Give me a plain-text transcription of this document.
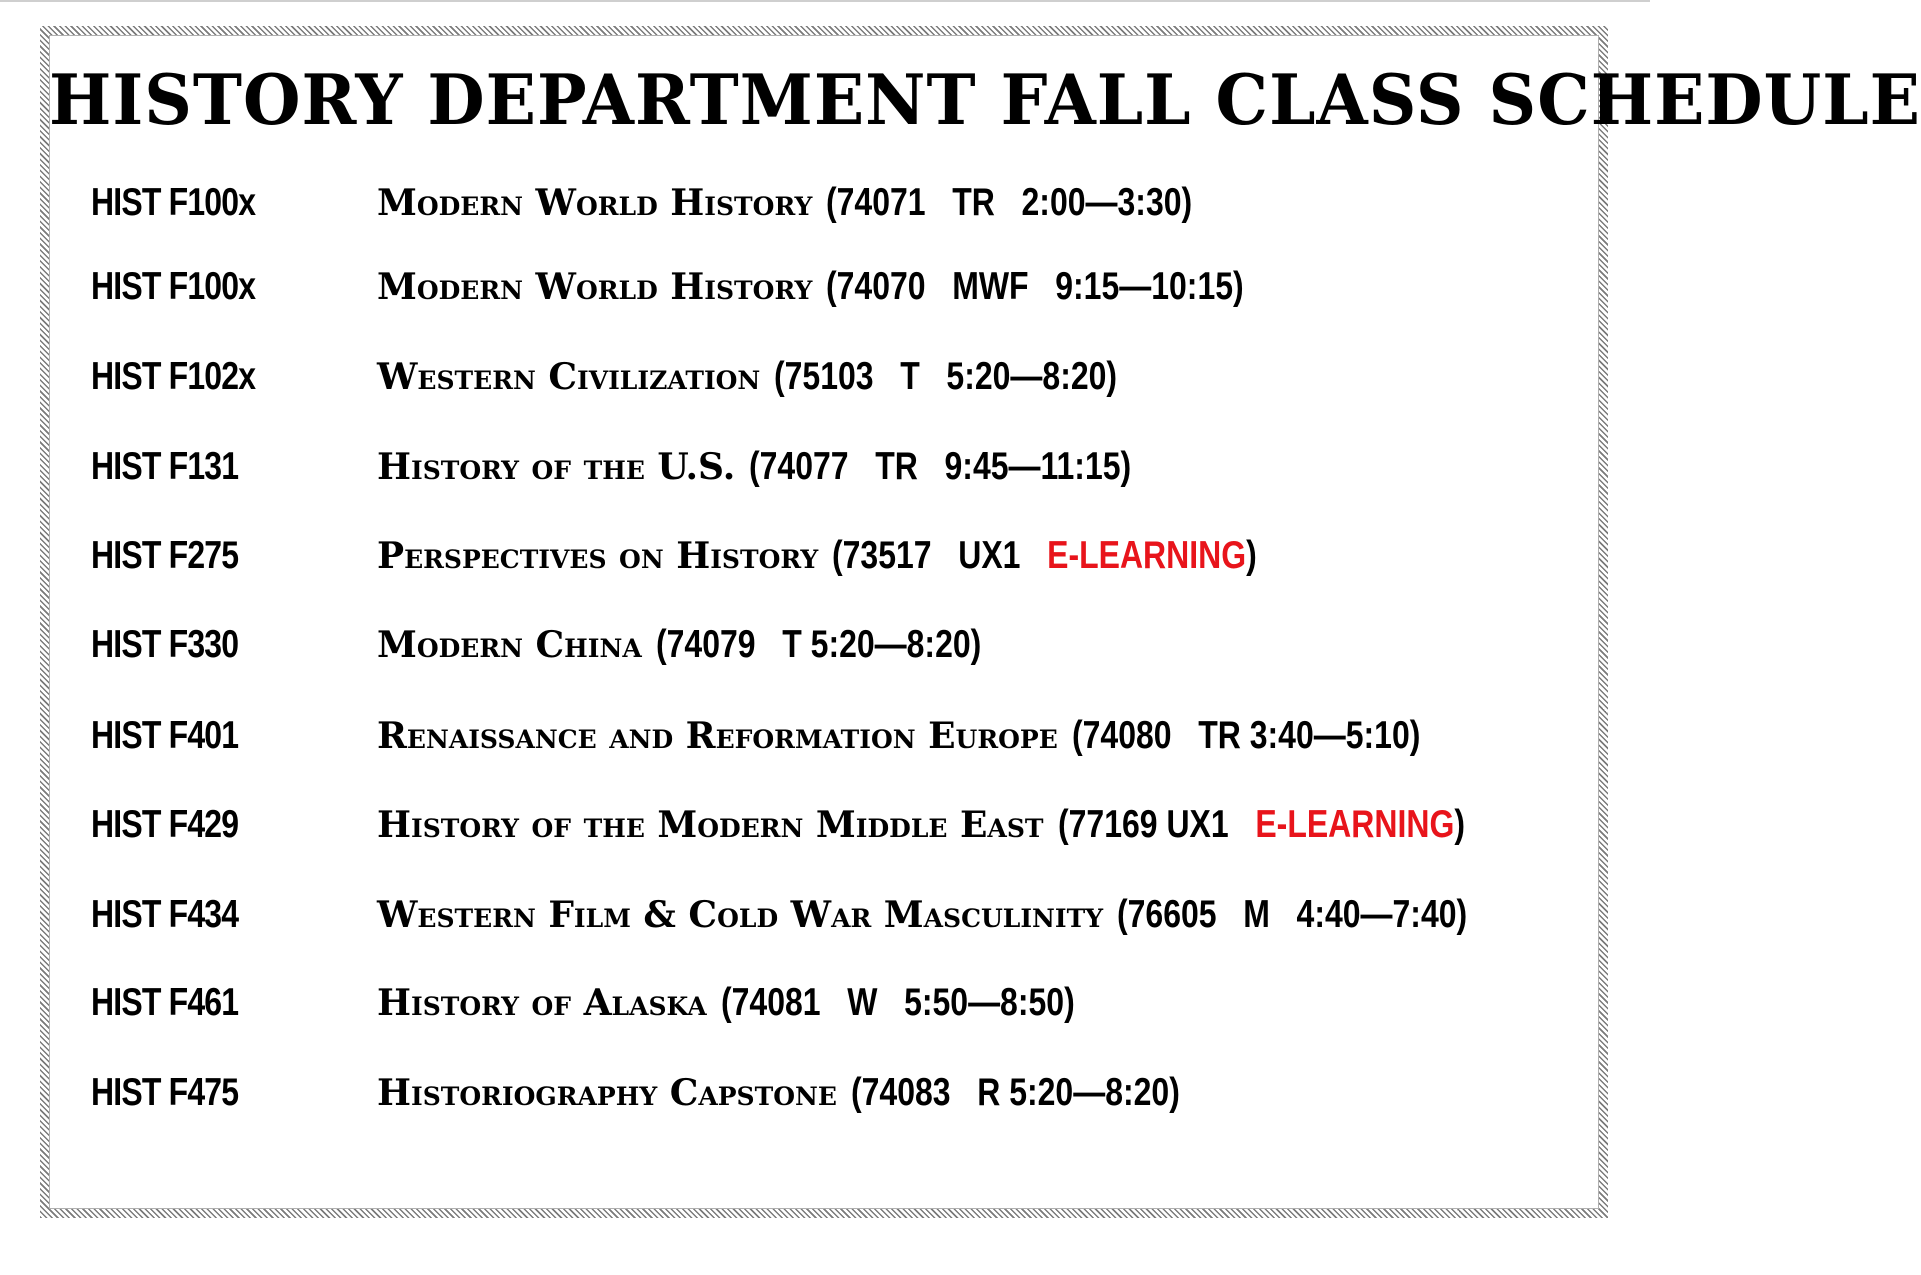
HISTORY DEPARTMENT FALL CLASS SCHEDULE
HIST F100x	Modern World History (74071   TR   2:00—3:30)
HIST F100x	Modern World History (74070   MWF   9:15—10:15)
HIST F102x	Western Civilization (75103   T   5:20—8:20)
HIST F131	History of the U.S. (74077   TR   9:45—11:15)
HIST F275	Perspectives on History (73517   UX1   E-LEARNING)
HIST F330	Modern China (74079   T 5:20—8:20)
HIST F401	Renaissance and Reformation Europe (74080   TR 3:40—5:10)
HIST F429	History of the Modern Middle East (77169 UX1   E-LEARNING)
HIST F434	Western Film & Cold War Masculinity (76605   M   4:40—7:40)
HIST F461	History of Alaska (74081   W   5:50—8:50)
HIST F475	Historiography Capstone (74083   R 5:20—8:20)
